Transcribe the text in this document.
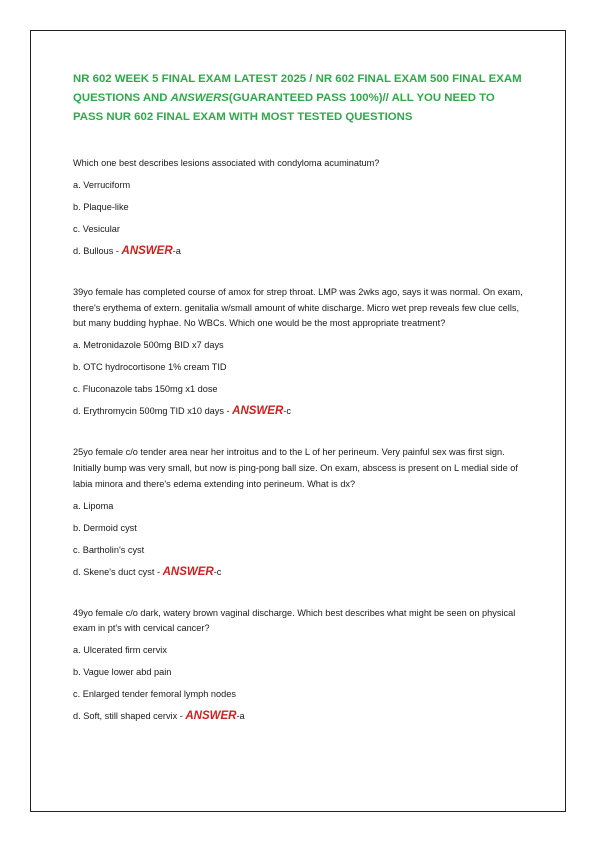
NR 602 WEEK 5 FINAL EXAM LATEST 2025 / NR 602 FINAL EXAM 500 FINAL EXAM QUESTIONS AND ANSWERS(GUARANTEED PASS 100%)// ALL YOU NEED TO PASS NUR 602 FINAL EXAM WITH MOST TESTED QUESTIONS
Which one best describes lesions associated with condyloma acuminatum?
a. Verruciform
b. Plaque-like
c. Vesicular
d. Bullous - ANSWER-a
39yo female has completed course of amox for strep throat. LMP was 2wks ago, says it was normal. On exam, there's erythema of extern. genitalia w/small amount of white discharge. Micro wet prep reveals few clue cells, but many budding hyphae. No WBCs. Which one would be the most appropriate treatment?
a. Metronidazole 500mg BID x7 days
b. OTC hydrocortisone 1% cream TID
c. Fluconazole tabs 150mg x1 dose
d. Erythromycin 500mg TID x10 days - ANSWER-c
25yo female c/o tender area near her introitus and to the L of her perineum. Very painful sex was first sign. Initially bump was very small, but now is ping-pong ball size. On exam, abscess is present on L medial side of labia minora and there's edema extending into perineum. What is dx?
a. Lipoma
b. Dermoid cyst
c. Bartholin's cyst
d. Skene's duct cyst - ANSWER-c
49yo female c/o dark, watery brown vaginal discharge. Which best describes what might be seen on physical exam in pt's with cervical cancer?
a. Ulcerated firm cervix
b. Vague lower abd pain
c. Enlarged tender femoral lymph nodes
d. Soft, still shaped cervix - ANSWER-a
